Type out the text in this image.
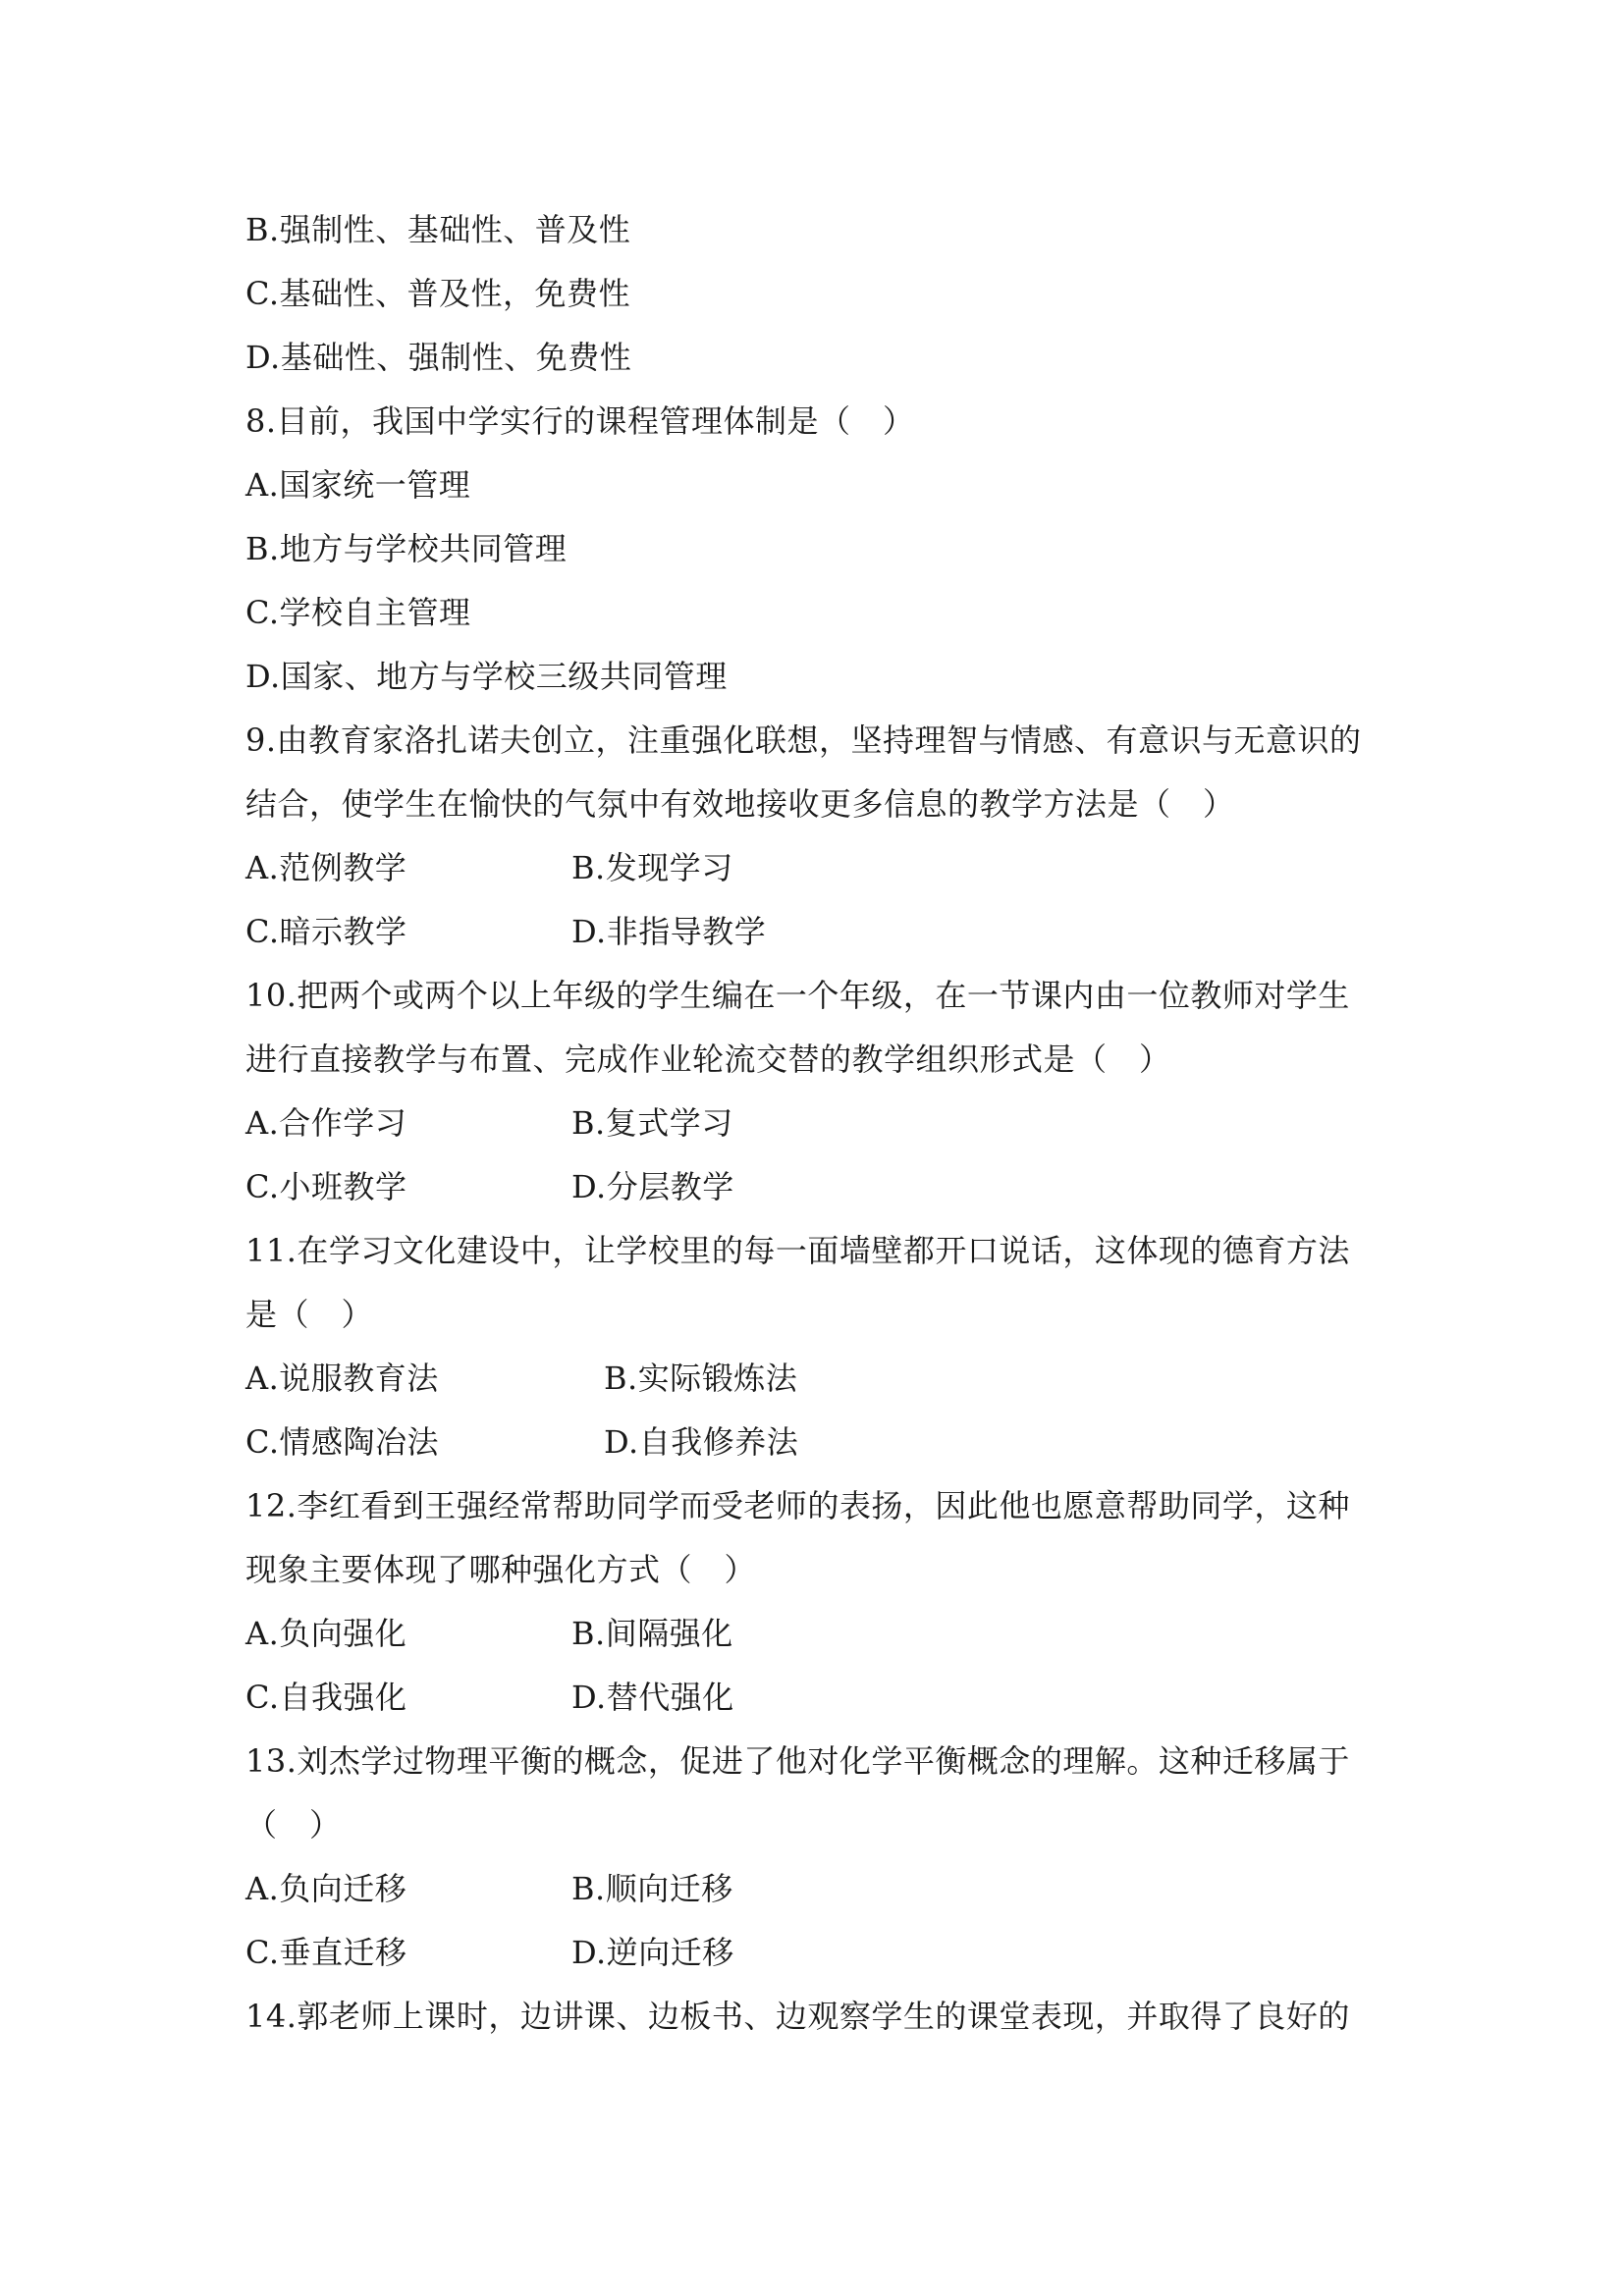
B.强制性、基础性、普及性
C.基础性、普及性，免费性
D.基础性、强制性、免费性
8.目前，我国中学实行的课程管理体制是（　）
A.国家统一管理
B.地方与学校共同管理
C.学校自主管理
D.国家、地方与学校三级共同管理
9.由教育家洛扎诺夫创立，注重强化联想，坚持理智与情感、有意识与无意识的
结合，使学生在愉快的气氛中有效地接收更多信息的教学方法是（　）
A.范例教学	B.发现学习
C.暗示教学	D.非指导教学
10.把两个或两个以上年级的学生编在一个年级，在一节课内由一位教师对学生
进行直接教学与布置、完成作业轮流交替的教学组织形式是（　）
A.合作学习	B.复式学习
C.小班教学	D.分层教学
11.在学习文化建设中，让学校里的每一面墙壁都开口说话，这体现的德育方法
是（　）
A.说服教育法	B.实际锻炼法
C.情感陶冶法	D.自我修养法
12.李红看到王强经常帮助同学而受老师的表扬，因此他也愿意帮助同学，这种
现象主要体现了哪种强化方式（　）
A.负向强化	B.间隔强化
C.自我强化	D.替代强化
13.刘杰学过物理平衡的概念，促进了他对化学平衡概念的理解。这种迁移属于
（　）
A.负向迁移	B.顺向迁移
C.垂直迁移	D.逆向迁移
14.郭老师上课时，边讲课、边板书、边观察学生的课堂表现，并取得了良好的
